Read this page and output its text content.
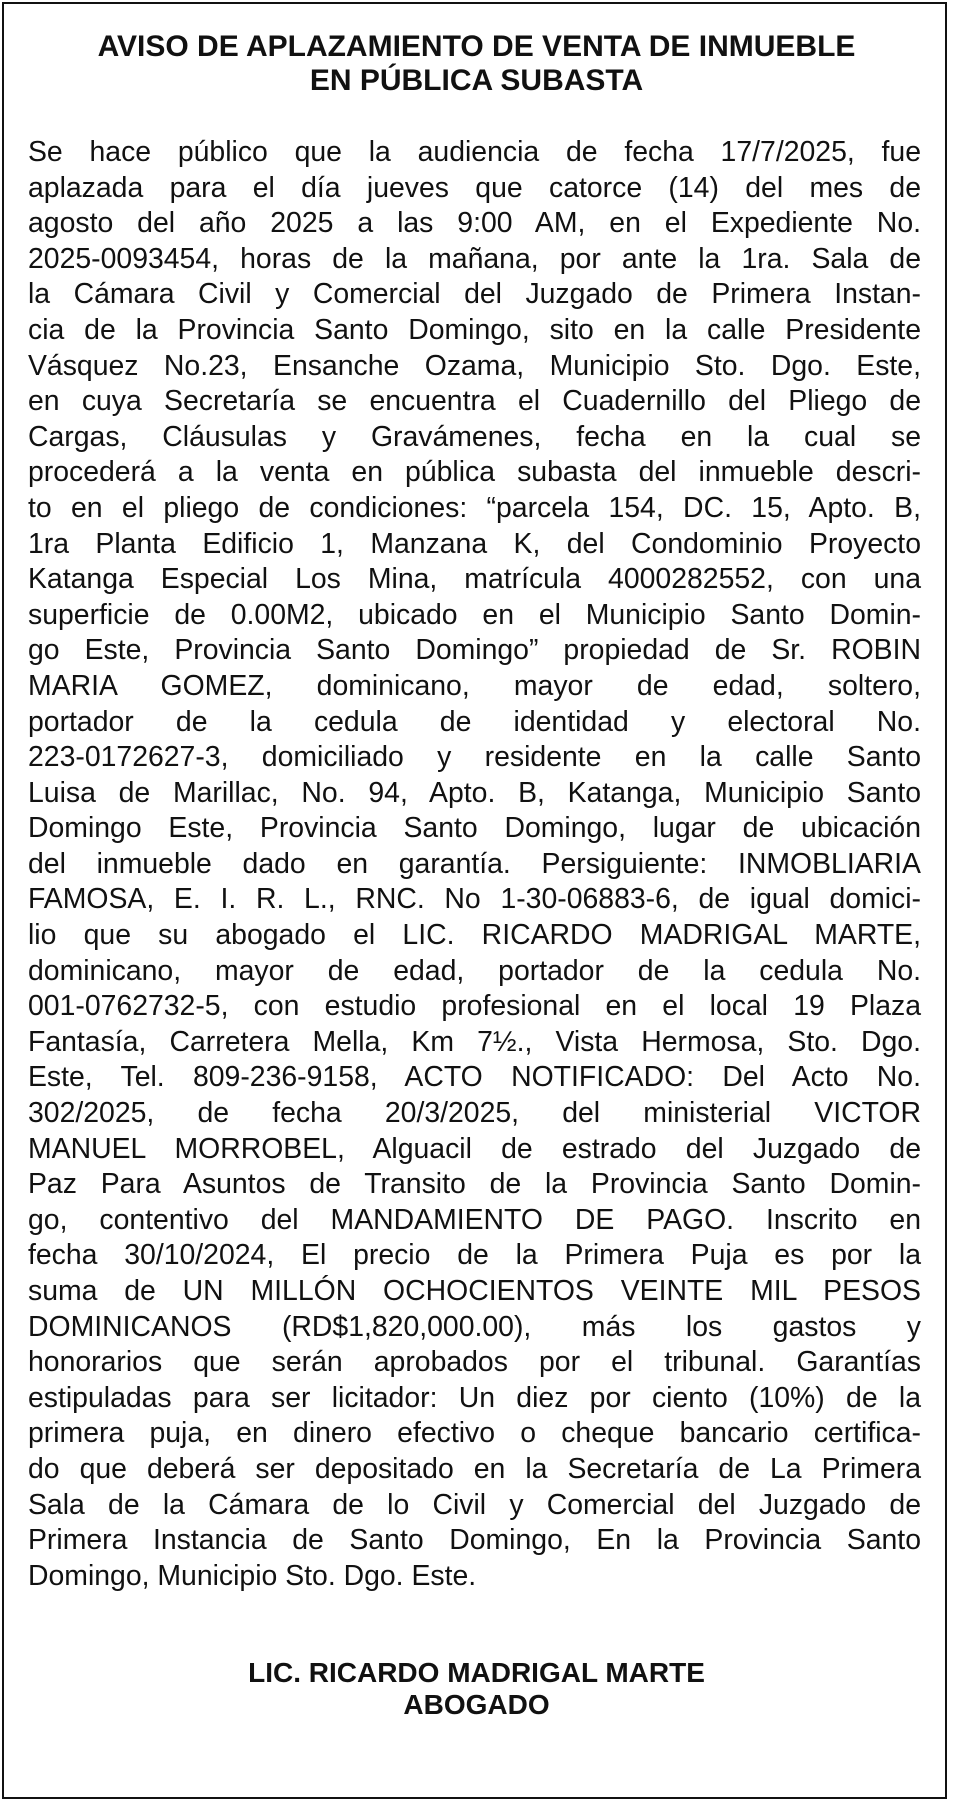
AVISO DE APLAZAMIENTO DE VENTA DE INMUEBLE
EN PÚBLICA SUBASTA
Se hace público que la audiencia de fecha 17/7/2025, fue
aplazada para el día jueves que catorce (14) del mes de
agosto del año 2025 a las 9:00 AM, en el Expediente No.
2025-0093454, horas de la mañana, por ante la 1ra. Sala de
la Cámara Civil y Comercial del Juzgado de Primera Instan-
cia de la Provincia Santo Domingo, sito en la calle Presidente
Vásquez No.23, Ensanche Ozama, Municipio Sto. Dgo. Este,
en cuya Secretaría se encuentra el Cuadernillo del Pliego de
Cargas, Cláusulas y Gravámenes, fecha en la cual se
procederá a la venta en pública subasta del inmueble descri-
to en el pliego de condiciones: “parcela 154, DC. 15, Apto. B,
1ra Planta Edificio 1, Manzana K, del Condominio Proyecto
Katanga Especial Los Mina, matrícula 4000282552, con una
superficie de 0.00M2, ubicado en el Municipio Santo Domin-
go Este, Provincia Santo Domingo” propiedad de Sr. ROBIN
MARIA GOMEZ, dominicano, mayor de edad, soltero,
portador de la cedula de identidad y electoral No.
223-0172627-3, domiciliado y residente en la calle Santo
Luisa de Marillac, No. 94, Apto. B, Katanga, Municipio Santo
Domingo Este, Provincia Santo Domingo, lugar de ubicación
del inmueble dado en garantía. Persiguiente: INMOBLIARIA
FAMOSA, E. I. R. L., RNC. No 1-30-06883-6, de igual domici-
lio que su abogado el LIC. RICARDO MADRIGAL MARTE,
dominicano, mayor de edad, portador de la cedula No.
001-0762732-5, con estudio profesional en el local 19 Plaza
Fantasía, Carretera Mella, Km 7½., Vista Hermosa, Sto. Dgo.
Este, Tel. 809-236-9158, ACTO NOTIFICADO: Del Acto No.
302/2025, de fecha 20/3/2025, del ministerial VICTOR
MANUEL MORROBEL, Alguacil de estrado del Juzgado de
Paz Para Asuntos de Transito de la Provincia Santo Domin-
go, contentivo del MANDAMIENTO DE PAGO. Inscrito en
fecha 30/10/2024, El precio de la Primera Puja es por la
suma de UN MILLÓN OCHOCIENTOS VEINTE MIL PESOS
DOMINICANOS (RD$1,820,000.00), más los gastos y
honorarios que serán aprobados por el tribunal. Garantías
estipuladas para ser licitador: Un diez por ciento (10%) de la
primera puja, en dinero efectivo o cheque bancario certifica-
do que deberá ser depositado en la Secretaría de La Primera
Sala de la Cámara de lo Civil y Comercial del Juzgado de
Primera Instancia de Santo Domingo, En la Provincia Santo
Domingo, Municipio Sto. Dgo. Este.
LIC. RICARDO MADRIGAL MARTE
ABOGADO
